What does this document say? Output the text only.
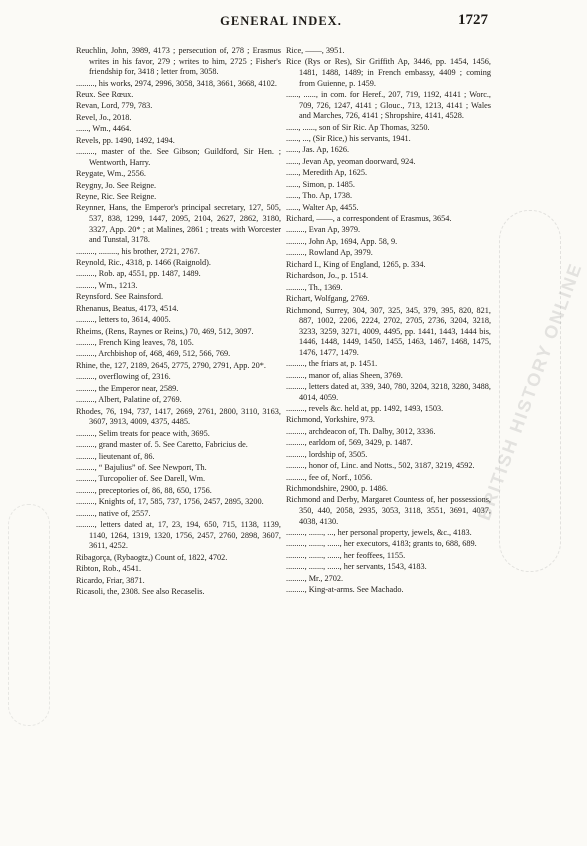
GENERAL INDEX.	1727
Reuchlin, John, 3989, 4173 ; persecution of, 278 ; Erasmus writes in his favor, 279 ; writes to him, 2725 ; Fisher's friendship for, 3418 ; letter from, 3058.
........., his works, 2974, 2996, 3058, 3418, 3661, 3668, 4102.
Reux. See Rœux.
Revan, Lord, 779, 783.
Revel, Jo., 2018.
......, Wm., 4464.
Revels, pp. 1490, 1492, 1494.
........., master of the. See Gibson; Guildford, Sir Hen. ; Wentworth, Harry.
Reygate, Wm., 2556.
Reygny, Jo. See Reigne.
Reyne, Ric. See Reigne.
Reynner, Hans, the Emperor's principal secretary, 127, 505, 537, 838, 1299, 1447, 2095, 2104, 2627, 2862, 3180, 3327, App. 20* ; at Malines, 2861 ; treats with Worcester and Tunstal, 3178.
........., ........., his brother, 2721, 2767.
Reynold, Ric., 4318, p. 1466 (Raignold).
........., Rob. ap, 4551, pp. 1487, 1489.
........., Wm., 1213.
Reynsford. See Rainsford.
Rhenanus, Beatus, 4173, 4514.
........., letters to, 3614, 4005.
Rheims, (Rens, Raynes or Reins,) 70, 469, 512, 3097.
........., French King leaves, 78, 105.
........., Archbishop of, 468, 469, 512, 566, 769.
Rhine, the, 127, 2189, 2645, 2775, 2790, 2791, App. 20*.
........., overflowing of, 2316.
........., the Emperor near, 2589.
........., Albert, Palatine of, 2769.
Rhodes, 76, 194, 737, 1417, 2669, 2761, 2800, 3110, 3163, 3607, 3913, 4009, 4375, 4485.
........., Selim treats for peace with, 3695.
........., grand master of. 5. See Caretto, Fabricius de.
........., lieutenant of, 86.
........., “ Bajulius” of. See Newport, Th.
........., Turcopolier of. See Darell, Wm.
........., preceptories of, 86, 88, 650, 1756.
........., Knights of, 17, 585, 737, 1756, 2457, 2895, 3200.
........., native of, 2557.
........., letters dated at, 17, 23, 194, 650, 715, 1138, 1139, 1140, 1264, 1319, 1320, 1756, 2457, 2760, 2898, 3607, 3611, 4252.
Ribagorça, (Rybaogtz,) Count of, 1822, 4702.
Ribton, Rob., 4541.
Ricardo, Friar, 3871.
Ricasoli, the, 2308. See also Recaselis.
Rice, ——, 3951.
Rice (Rys or Res), Sir Griffith Ap, 3446, pp. 1454, 1456, 1481, 1488, 1489; in French embassy, 4409 ; coming from Guienne, p. 1459.
......, ......, in com. for Heref., 207, 719, 1192, 4141 ; Worc., 709, 726, 1247, 4141 ; Glouc., 713, 1213, 4141 ; Wales and Marches, 726, 4141 ; Shropshire, 4141, 4528.
......, ......, son of Sir Ric. Ap Thomas, 3250.
......, ..., (Sir Rice,) his servants, 1941.
......, Jas. Ap, 1626.
......, Jevan Ap, yeoman doorward, 924.
......, Meredith Ap, 1625.
......, Simon, p. 1485.
......, Tho. Ap, 1738.
......, Walter Ap, 4455.
Richard, ——, a correspondent of Erasmus, 3654.
........., Evan Ap, 3979.
........., John Ap, 1694, App. 58, 9.
........., Rowland Ap, 3979.
Richard I., King of England, 1265, p. 334.
Richardson, Jo., p. 1514.
........., Th., 1369.
Richart, Wolfgang, 2769.
Richmond, Surrey, 304, 307, 325, 345, 379, 395, 820, 821, 887, 1002, 2206, 2224, 2702, 2705, 2736, 3204, 3218, 3233, 3259, 3271, 4009, 4495, pp. 1441, 1443, 1444 bis, 1446, 1448, 1449, 1450, 1455, 1463, 1467, 1468, 1475, 1476, 1477, 1479.
........., the friars at, p. 1451.
........., manor of, alias Sheen, 3769.
........., letters dated at, 339, 340, 780, 3204, 3218, 3280, 3488, 4014, 4059.
........., revels &c. held at, pp. 1492, 1493, 1503.
Richmond, Yorkshire, 973.
........., archdeacon of, Th. Dalby, 3012, 3336.
........., earldom of, 569, 3429, p. 1487.
........., lordship of, 3505.
........., honor of, Linc. and Notts., 502, 3187, 3219, 4592.
........., fee of, Norf., 1056.
Richmondshire, 2900, p. 1486.
Richmond and Derby, Margaret Countess of, her possessions, 350, 440, 2058, 2935, 3053, 3118, 3551, 3691, 4037, 4038, 4130.
........., ......., ..., her personal property, jewels, &c., 4183.
........., ......., ......, her executors, 4183; grants to, 688, 689.
........., ......., ......, her feoffees, 1155.
........., ......., ......, her servants, 1543, 4183.
........., Mr., 2702.
........., King-at-arms. See Machado.
BRITISH HISTORY ONLINE
